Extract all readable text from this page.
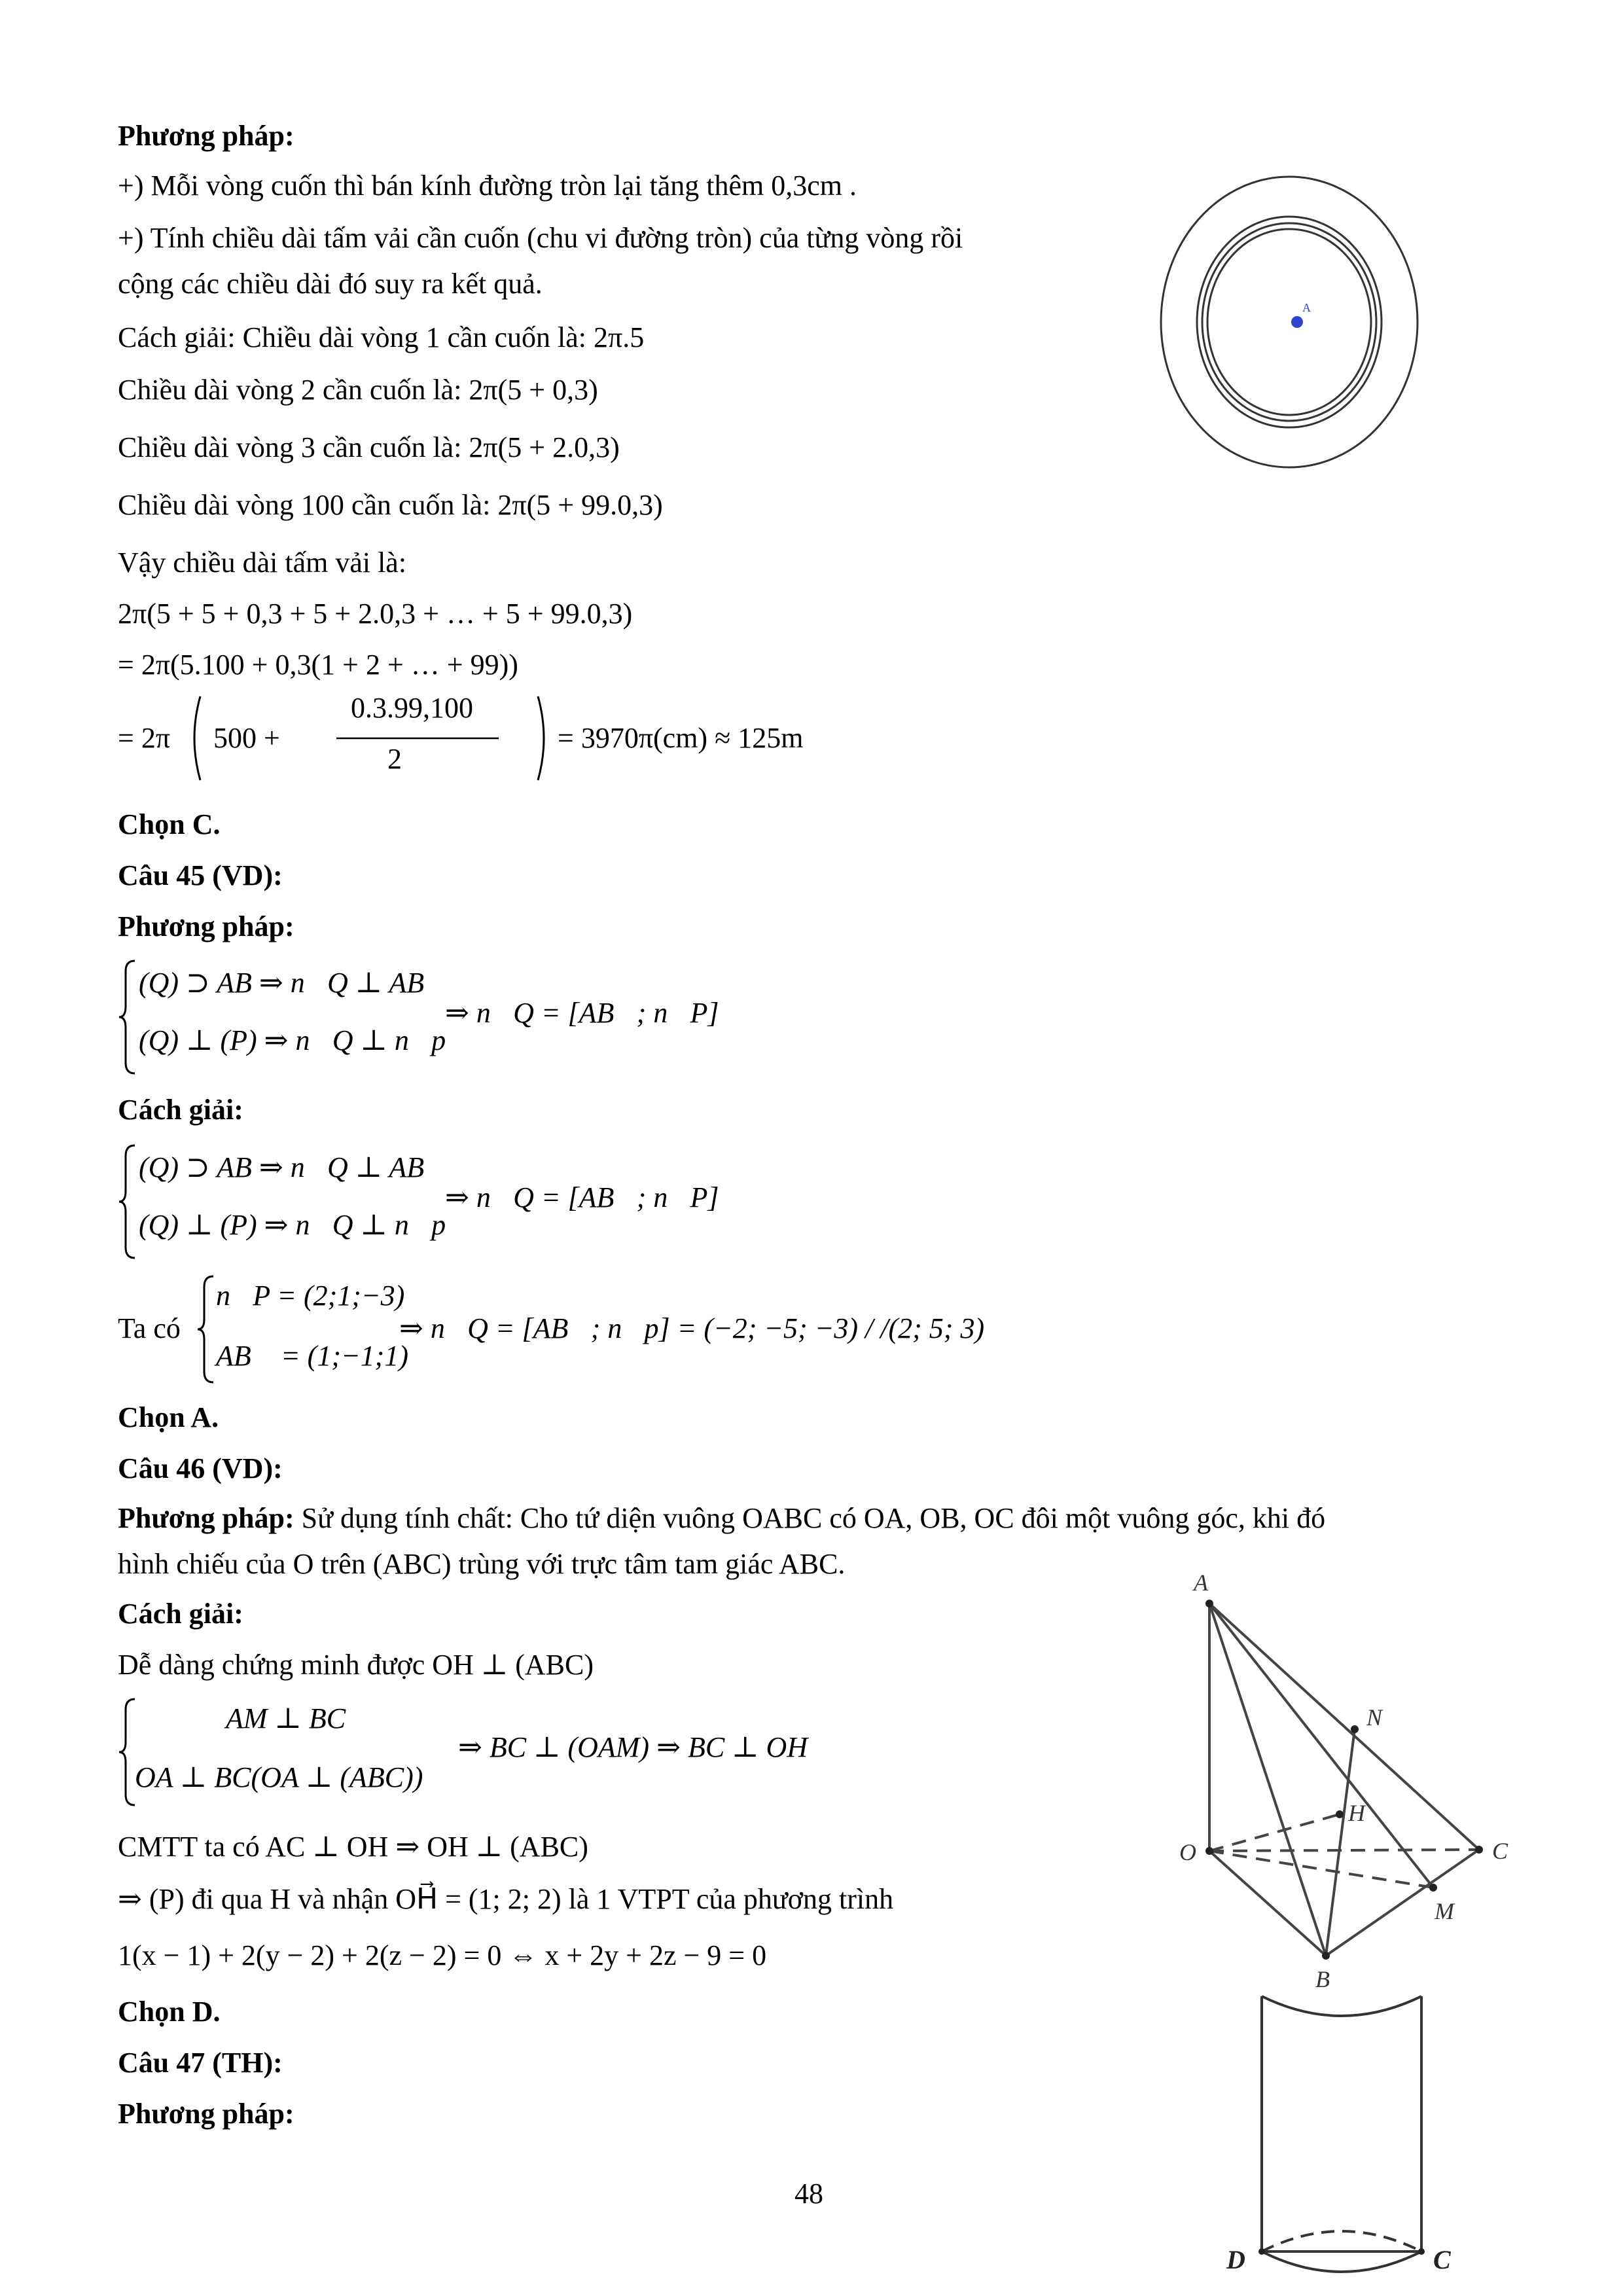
Phương pháp:
+) Mỗi vòng cuốn thì bán kính đường tròn lại tăng thêm 0,3cm .
+) Tính chiều dài tấm vải cần cuốn (chu vi đường tròn) của từng vòng rồi
cộng các chiều dài đó suy ra kết quả.
Cách giải: Chiều dài vòng 1 cần cuốn là: 2π.5
Chiều dài vòng 2 cần cuốn là: 2π(5 + 0,3)
Chiều dài vòng 3 cần cuốn là: 2π(5 + 2.0,3)
Chiều dài vòng 100 cần cuốn là: 2π(5 + 99.0,3)
Vậy chiều dài tấm vải là:
2π(5 + 5 + 0,3 + 5 + 2.0,3 + … + 5 + 99.0,3)
= 2π(5.100 + 0,3(1 + 2 + … + 99))
= 2π 500 +
0.3.99,100
2
= 3970π(cm) ≈ 125m
Chọn C.
A
Câu 45 (VD):
Phương pháp:
(Q) ⊃ AB ⇒ n⃗Q ⊥ AB⃗
(Q) ⊥ (P) ⇒ n⃗Q ⊥ n⃗p
⇒ n⃗Q = [AB⃗; n⃗P]
Cách giải:
(Q) ⊃ AB ⇒ n⃗Q ⊥ AB⃗
(Q) ⊥ (P) ⇒ n⃗Q ⊥ n⃗p
⇒ n⃗Q = [AB⃗; n⃗P]
Ta có
n⃗P = (2;1;−3)
AB⃗ = (1;−1;1)
⇒ n⃗Q = [AB⃗; n⃗p] = (−2; −5; −3) / /(2; 5; 3)
Chọn A.
Câu 46 (VD):
Phương pháp: Sử dụng tính chất: Cho tứ diện vuông OABC có OA, OB, OC đôi một vuông góc, khi đó
hình chiếu của O trên (ABC) trùng với trực tâm tam giác ABC.
Cách giải:
Dễ dàng chứng minh được OH ⊥ (ABC)
AM ⊥ BC
OA ⊥ BC(OA ⊥ (ABC))
⇒ BC ⊥ (OAM) ⇒ BC ⊥ OH
CMTT ta có AC ⊥ OH ⇒ OH ⊥ (ABC)
⇒ (P) đi qua H và nhận OH⃗ = (1; 2; 2) là 1 VTPT của phương trình
1(x − 1) + 2(y − 2) + 2(z − 2) = 0 ⇔ x + 2y + 2z − 9 = 0
Chọn D.
A
N
H
O	C
M
B
Câu 47 (TH):
Phương pháp:
D	C
48
